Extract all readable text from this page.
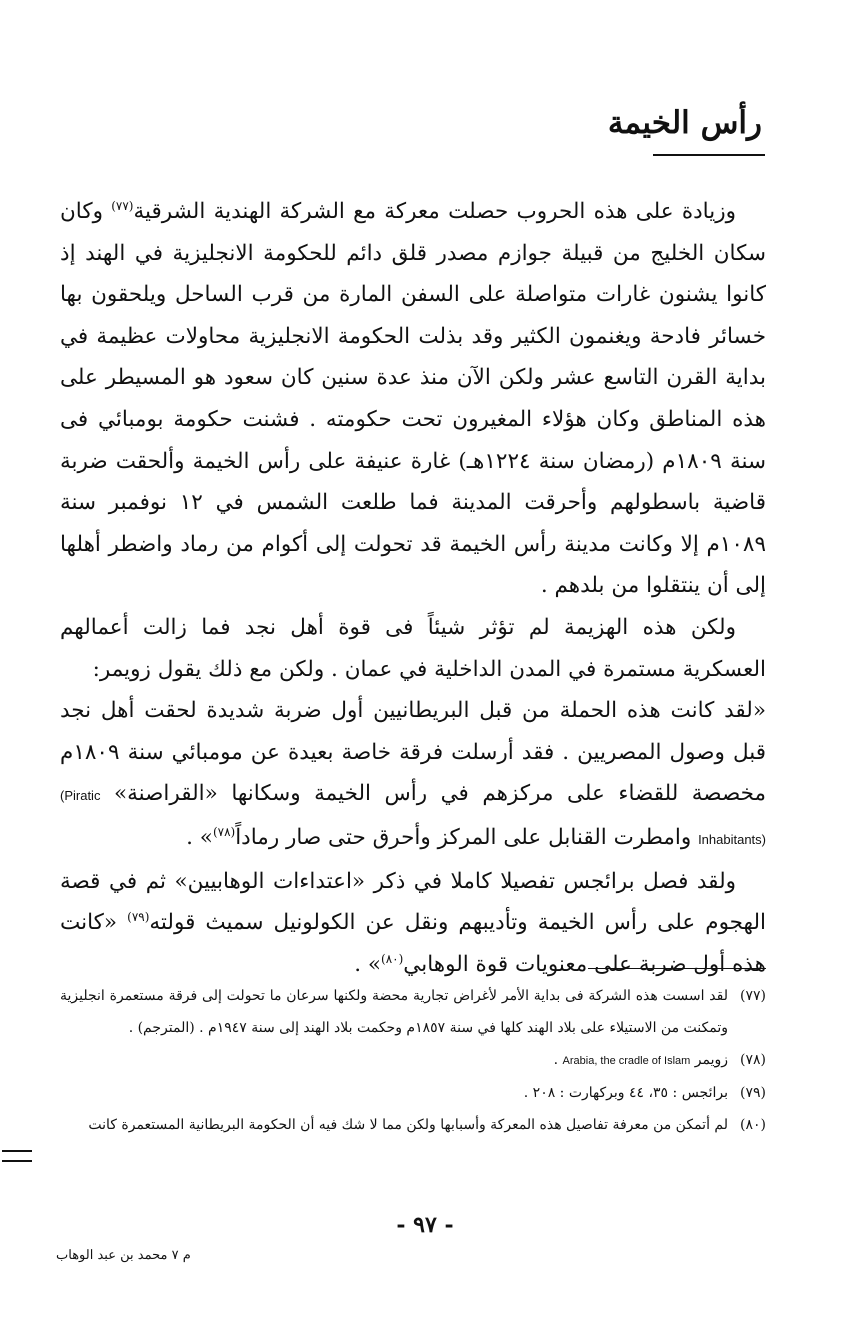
رأس الخيمة

وزيادة على هذه الحروب حصلت معركة مع الشركة الهندية الشرقية$^{(٧٧)}$ وكان سكان الخليج من قبيلة جوازم مصدر قلق دائم للحكومة الانجليزية في الهند إذ كانوا يشنون غارات متواصلة على السفن المارة من قرب الساحل ويلحقون بها خسائر فادحة ويغنمون الكثير وقد بذلت الحكومة الانجليزية محاولات عظيمة في بداية القرن التاسع عشر ولكن الآن منذ عدة سنين كان سعود هو المسيطر على هذه المناطق وكان هؤلاء المغيرون تحت حكومته . فشنت حكومة بومبائي فى سنة ١٨٠٩م (رمضان سنة ١٢٢٤هـ) غارة عنيفة على رأس الخيمة وألحقت ضربة قاضية باسطولهم وأحرقت المدينة فما طلعت الشمس في ١٢ نوفمبر سنة ١٠٨٩م إلا وكانت مدينة رأس الخيمة قد تحولت إلى أكوام من رماد واضطر أهلها إلى أن ينتقلوا من بلدهم .

ولكن هذه الهزيمة لم تؤثر شيئاً فى قوة أهل نجد فما زالت أعمالهم العسكرية مستمرة في المدن الداخلية في عمان . ولكن مع ذلك يقول زويمر:

«لقد كانت هذه الحملة من قبل البريطانيين أول ضربة شديدة لحقت أهل نجد قبل وصول المصريين . فقد أرسلت فرقة خاصة بعيدة عن مومبائي سنة ١٨٠٩م مخصصة للقضاء على مركزهم في رأس الخيمة وسكانها «القراصنة» (Piratic Inhabitants) وامطرت القنابل على المركز وأحرق حتى صار رماداً$^{(٧٨)}$» .

ولقد فصل برائجس تفصيلا كاملا في ذكر «اعتداءات الوهابيين» ثم في قصة الهجوم على رأس الخيمة وتأديبهم ونقل عن الكولونيل سميث قولته$^{(٧٩)}$ «كانت هذه أول ضربة على معنويات قوة الوهابي$^{(٨٠)}$» .

(٧٧)
لقد اسست هذه الشركة فى بداية الأمر لأغراض تجارية محضة ولكنها سرعان ما تحولت إلى فرقة مستعمرة انجليزية وتمكنت من الاستيلاء على بلاد الهند كلها في سنة ١٨٥٧م وحكمت بلاد الهند إلى سنة ١٩٤٧م . (المترجم) .
(٧٨)
زويمر Arabia, the cradle of Islam .
(٧٩)
برائجس : ٣٥، ٤٤ وبركهارت : ٢٠٨ .
(٨٠)
لم أتمكن من معرفة تفاصيل هذه المعركة وأسبابها ولكن مما لا شك فيه أن الحكومة البريطانية المستعمرة كانت
- ٩٧ -
م ٧ محمد بن عبد الوهاب
